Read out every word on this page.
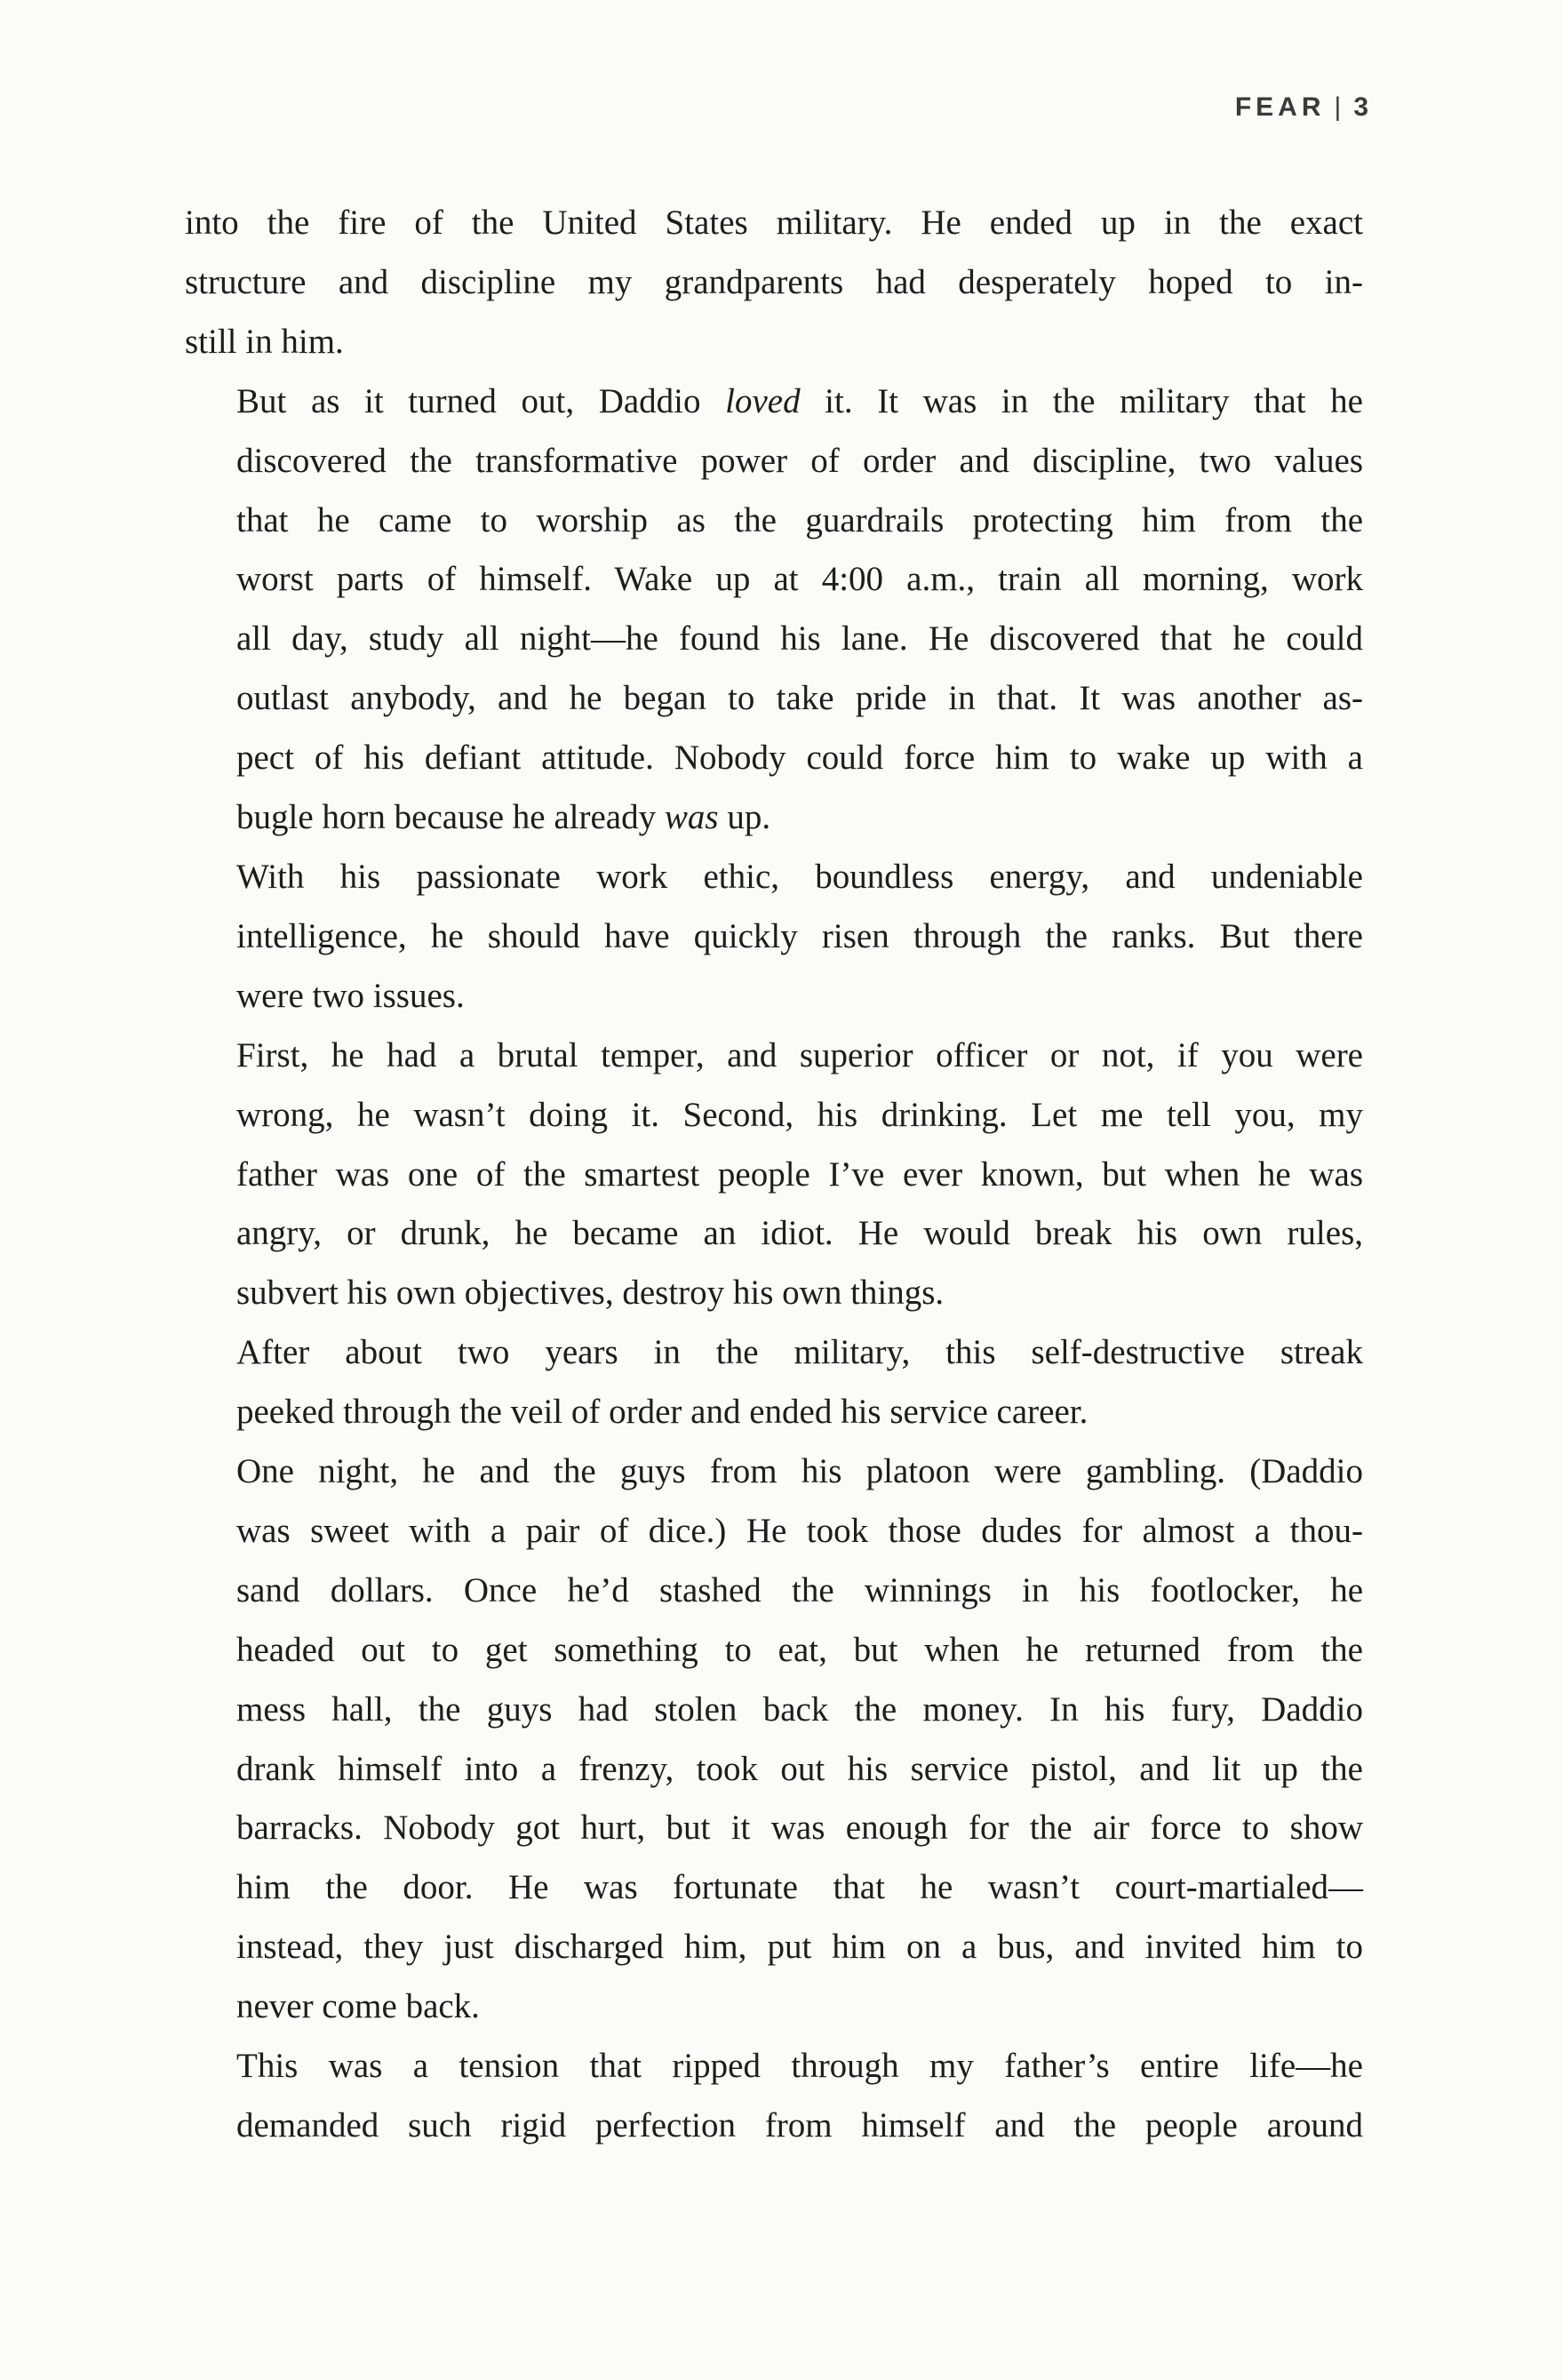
FEAR | 3

into the fire of the United States military. He ended up in the exact
structure and discipline my grandparents had desperately hoped to in-
still in him.

But as it turned out, Daddio loved it. It was in the military that he
discovered the transformative power of order and discipline, two values
that he came to worship as the guardrails protecting him from the
worst parts of himself. Wake up at 4:00 a.m., train all morning, work
all day, study all night—he found his lane. He discovered that he could
outlast anybody, and he began to take pride in that. It was another as-
pect of his defiant attitude. Nobody could force him to wake up with a
bugle horn because he already was up.

With his passionate work ethic, boundless energy, and undeniable
intelligence, he should have quickly risen through the ranks. But there
were two issues.

First, he had a brutal temper, and superior officer or not, if you were
wrong, he wasn’t doing it. Second, his drinking. Let me tell you, my
father was one of the smartest people I’ve ever known, but when he was
angry, or drunk, he became an idiot. He would break his own rules,
subvert his own objectives, destroy his own things.

After about two years in the military, this self-destructive streak
peeked through the veil of order and ended his service career.

One night, he and the guys from his platoon were gambling. (Daddio
was sweet with a pair of dice.) He took those dudes for almost a thou-
sand dollars. Once he’d stashed the winnings in his footlocker, he
headed out to get something to eat, but when he returned from the
mess hall, the guys had stolen back the money. In his fury, Daddio
drank himself into a frenzy, took out his service pistol, and lit up the
barracks. Nobody got hurt, but it was enough for the air force to show
him the door. He was fortunate that he wasn’t court-martialed—
instead, they just discharged him, put him on a bus, and invited him to
never come back.

This was a tension that ripped through my father’s entire life—he
demanded such rigid perfection from himself and the people around
